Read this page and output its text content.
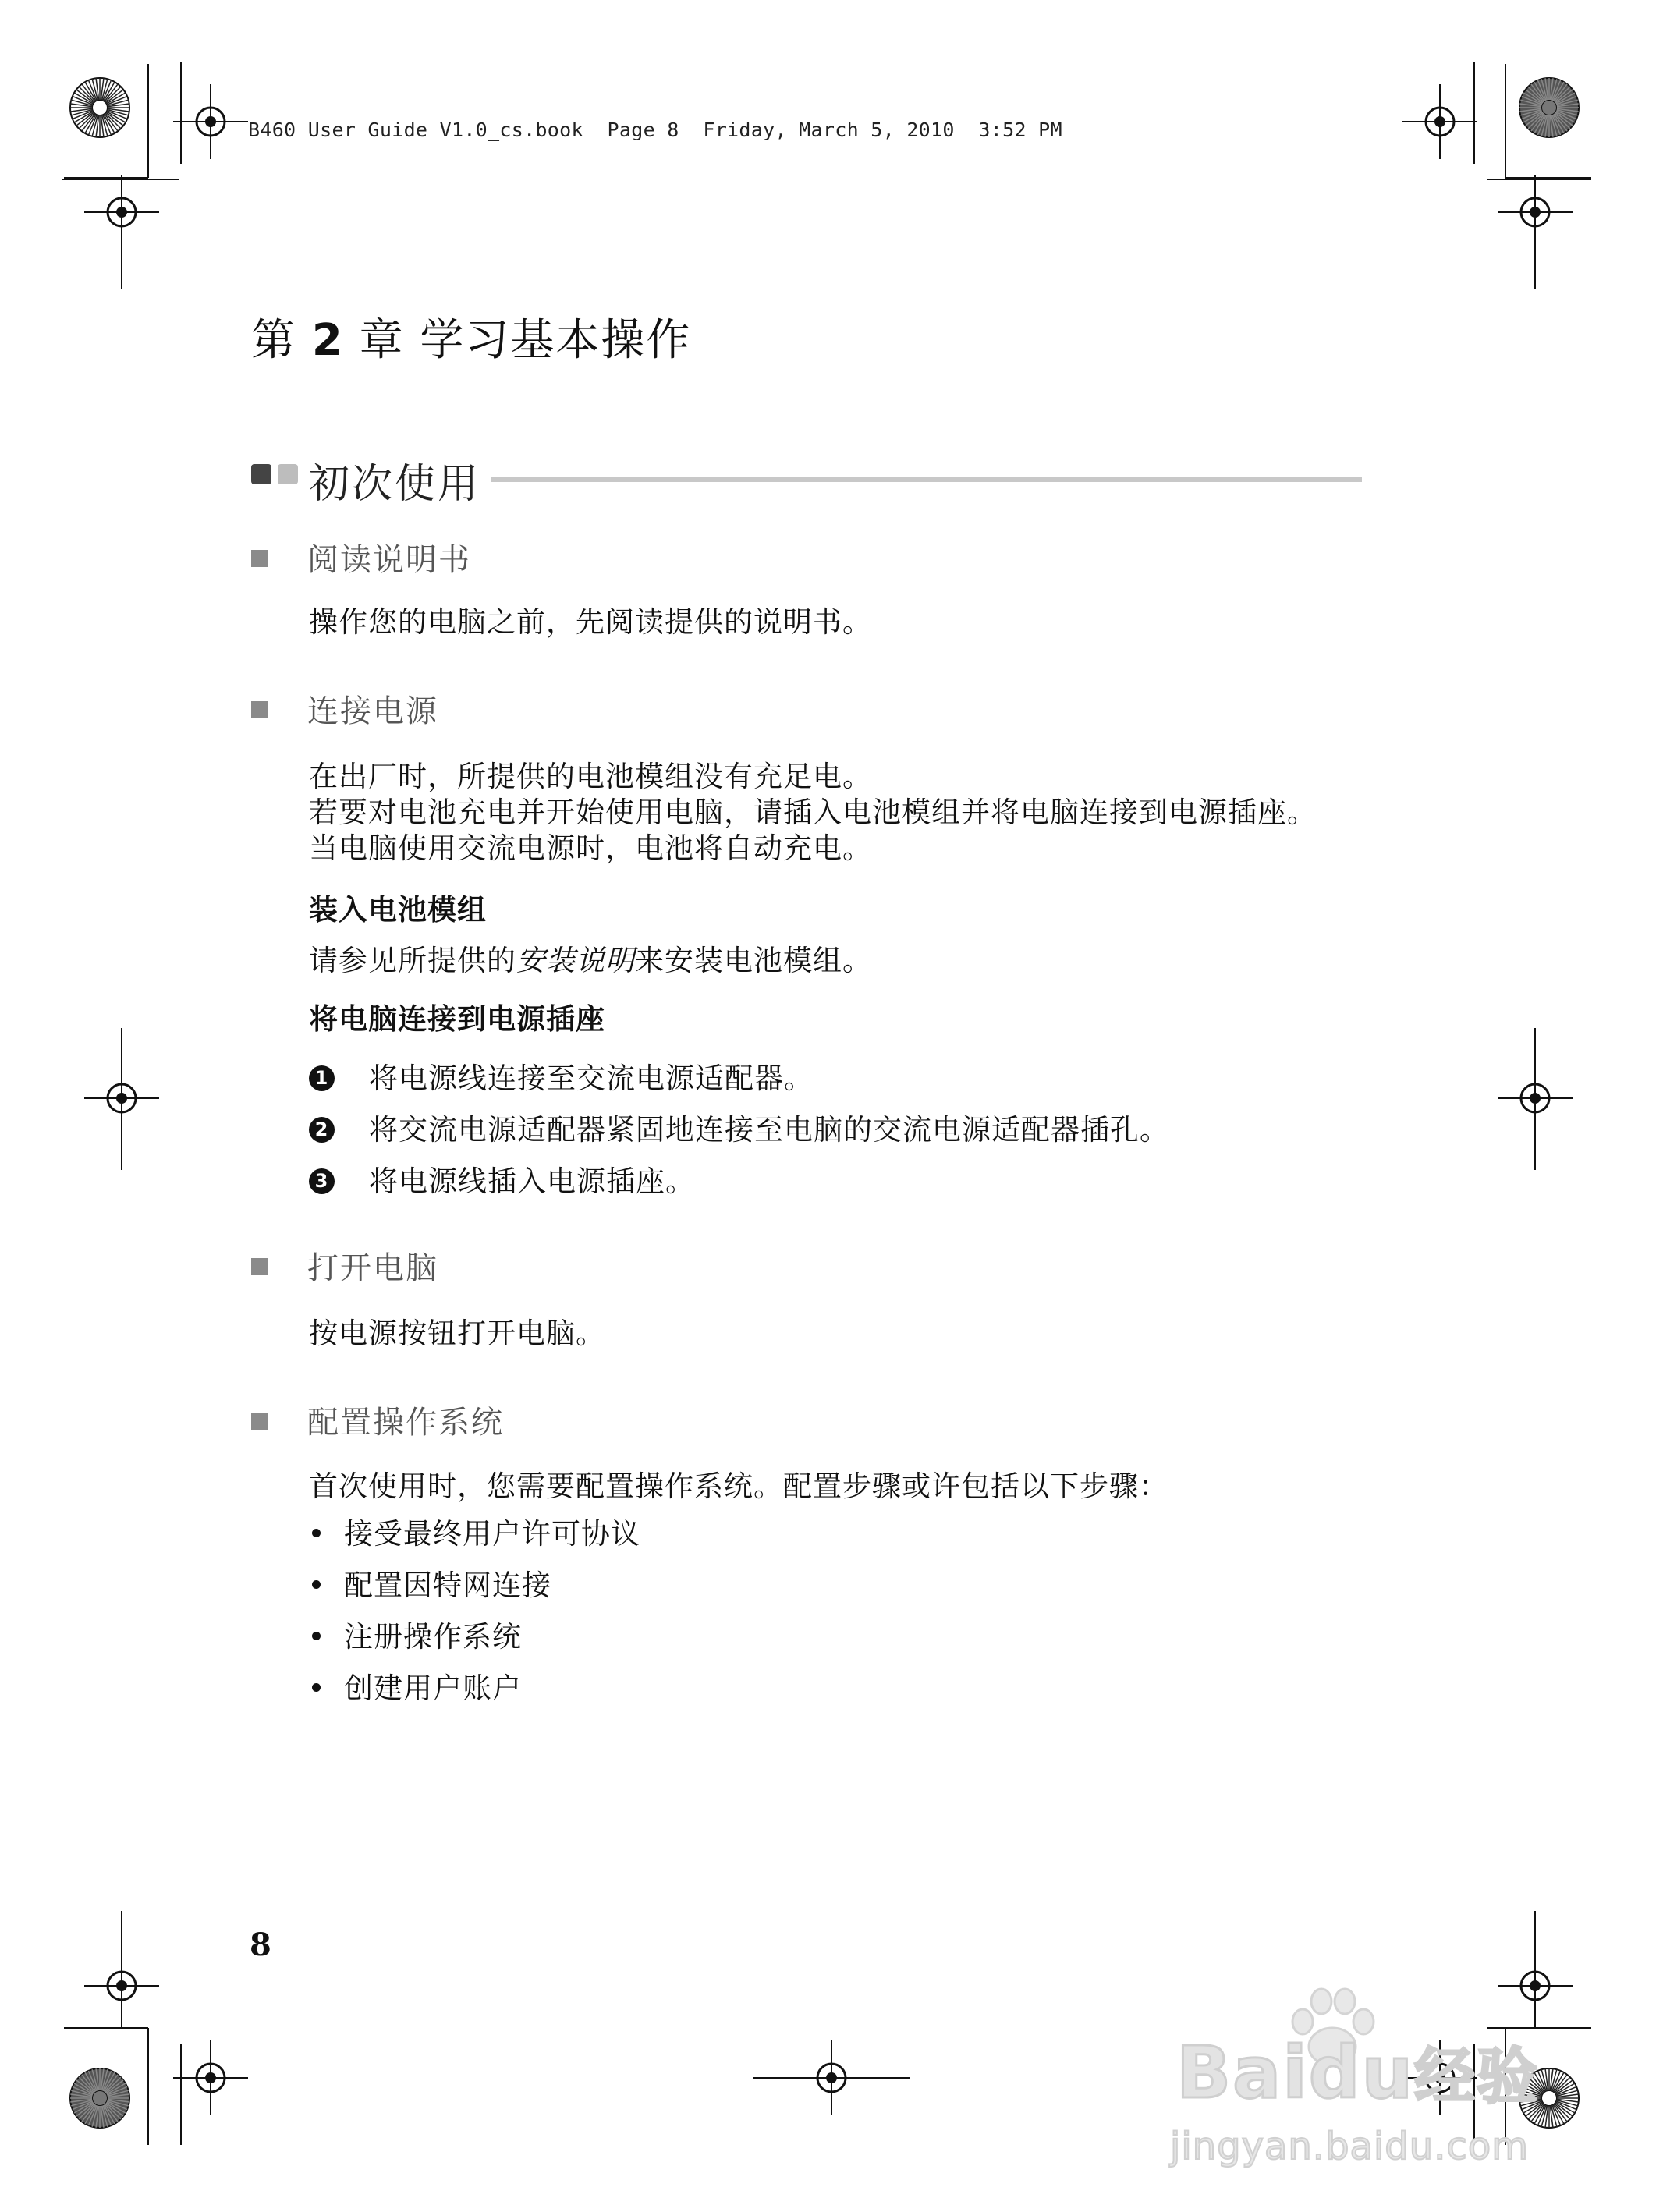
B460 User Guide V1.0_cs.book  Page 8  Friday, March 5, 2010  3:52 PM
第 2 章 学习基本操作
初次使用
阅读说明书
操作您的电脑之前，先阅读提供的说明书。
连接电源
在出厂时，所提供的电池模组没有充足电。
若要对电池充电并开始使用电脑，请插入电池模组并将电脑连接到电源插座。
当电脑使用交流电源时，电池将自动充电。
装入电池模组
请参见所提供的安装说明来安装电池模组。
将电脑连接到电源插座
1 将电源线连接至交流电源适配器。
2 将交流电源适配器紧固地连接至电脑的交流电源适配器插孔。
3 将电源线插入电源插座。
打开电脑
按电源按钮打开电脑。
配置操作系统
首次使用时，您需要配置操作系统。配置步骤或许包括以下步骤：
接受最终用户许可协议
配置因特网连接
注册操作系统
创建用户账户
8
Baidu经验
jingyan.baidu.com
